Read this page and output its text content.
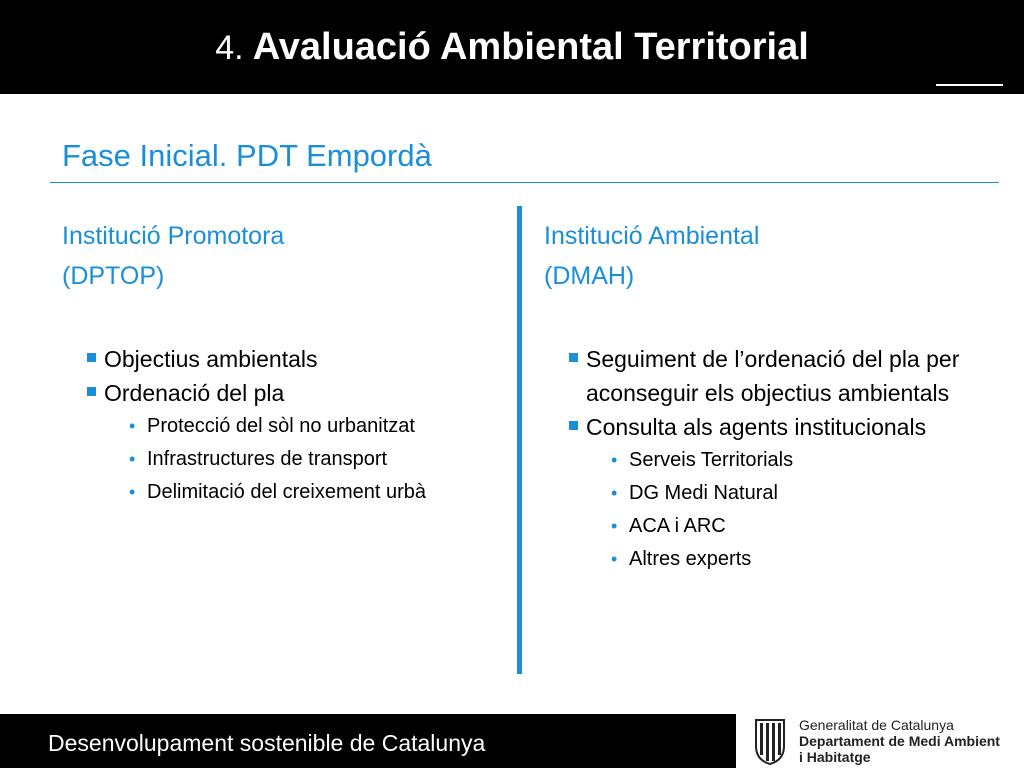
4. Avaluació Ambiental Territorial
Fase Inicial. PDT Empordà
Institució Promotora
(DPTOP)
Objectius ambientals
Ordenació del pla
• Protecció del sòl no urbanitzat
• Infrastructures de transport
• Delimitació del creixement urbà
Institució Ambiental
(DMAH)
Seguiment de l’ordenació del pla per aconseguir els objectius ambientals
Consulta als agents institucionals
• Serveis Territorials
• DG Medi Natural
• ACA i ARC
• Altres experts
Desenvolupament sostenible de Catalunya
Generalitat de Catalunya
Departament de Medi Ambient
i Habitatge
